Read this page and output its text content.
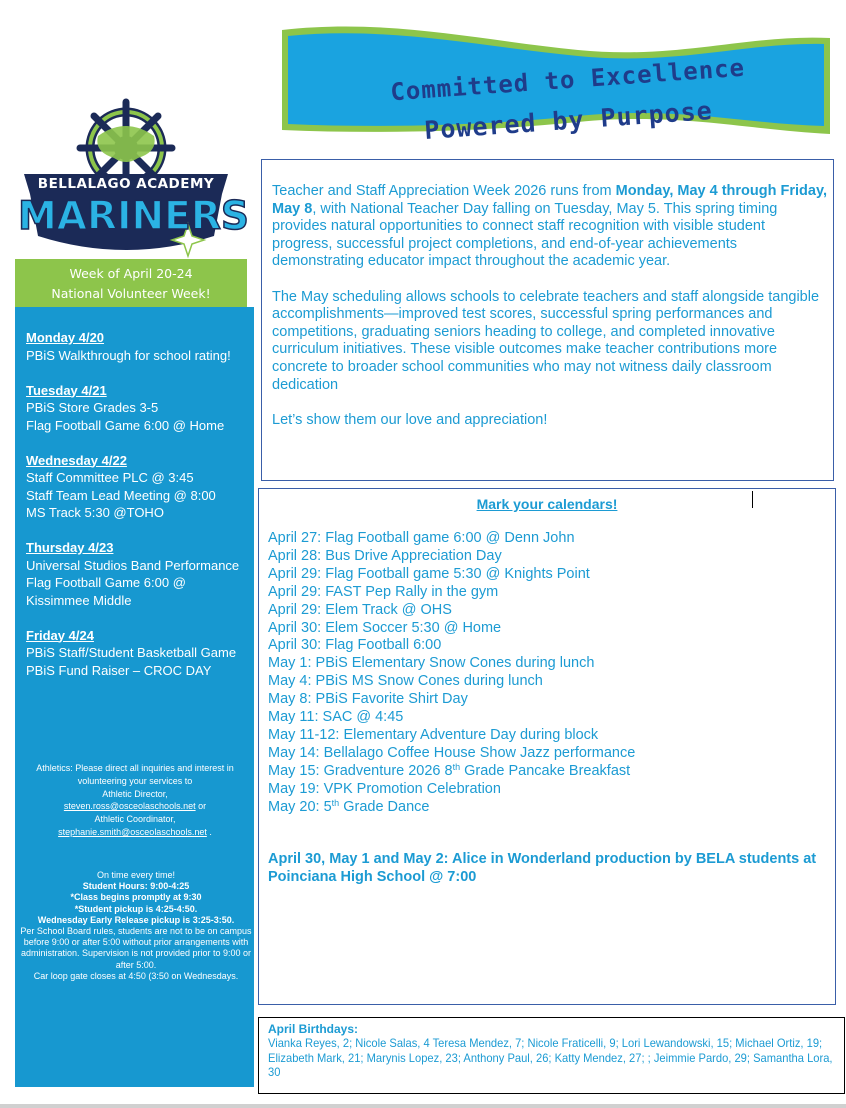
Committed to Excellence
Powered by Purpose
BELLALAGO ACADEMY
MARINERS
Week of April 20-24
National Volunteer Week!
Monday 4/20
PBiS Walkthrough for school rating!
Tuesday 4/21
PBiS Store Grades 3-5
Flag Football Game 6:00 @ Home
Wednesday 4/22
Staff Committee PLC @ 3:45
Staff Team Lead Meeting @ 8:00
MS Track 5:30 @TOHO
Thursday 4/23
Universal Studios Band Performance
Flag Football Game 6:00 @ Kissimmee Middle
Friday 4/24
PBiS Staff/Student Basketball Game
PBiS Fund Raiser – CROC DAY
Athletics: Please direct all inquiries and interest in volunteering your services to
Athletic Director,
steven.ross@osceolaschools.net or
Athletic Coordinator,
stephanie.smith@osceolaschools.net .
On time every time!
Student Hours: 9:00-4:25
*Class begins promptly at 9:30
*Student pickup is 4:25-4:50.
Wednesday Early Release pickup is 3:25-3:50.
Per School Board rules, students are not to be on campus before 9:00 or after 5:00 without prior arrangements with administration. Supervision is not provided prior to 9:00 or after 5:00.
Car loop gate closes at 4:50 (3:50 on Wednesdays.

Teacher and Staff Appreciation Week 2026 runs from Monday, May 4 through Friday, May 8, with National Teacher Day falling on Tuesday, May 5. This spring timing provides natural opportunities to connect staff recognition with visible student progress, successful project completions, and end-of-year achievements demonstrating educator impact throughout the academic year.

The May scheduling allows schools to celebrate teachers and staff alongside tangible accomplishments—improved test scores, successful spring performances and competitions, graduating seniors heading to college, and completed innovative curriculum initiatives. These visible outcomes make teacher contributions more concrete to broader school communities who may not witness daily classroom dedication

Let’s show them our love and appreciation!

Mark your calendars!
April 27: Flag Football game 6:00 @ Denn John
April 28: Bus Drive Appreciation Day
April 29: Flag Football game 5:30 @ Knights Point
April 29: FAST Pep Rally in the gym
April 29: Elem Track @ OHS
April 30: Elem Soccer 5:30 @ Home
April 30: Flag Football 6:00
May 1: PBiS Elementary Snow Cones during lunch
May 4: PBiS MS Snow Cones during lunch
May 8: PBiS Favorite Shirt Day
May 11: SAC @ 4:45
May 11-12: Elementary Adventure Day during block
May 14: Bellalago Coffee House Show Jazz performance
May 15: Gradventure 2026 8th Grade Pancake Breakfast
May 19: VPK Promotion Celebration
May 20: 5th Grade Dance
April 30, May 1 and May 2: Alice in Wonderland production by BELA students at Poinciana High School @ 7:00
April Birthdays:
Vianka Reyes, 2; Nicole Salas, 4 Teresa Mendez, 7; Nicole Fraticelli, 9; Lori Lewandowski, 15; Michael Ortiz, 19; Elizabeth Mark, 21; Marynis Lopez, 23; Anthony Paul, 26; Katty Mendez, 27; ; Jeimmie Pardo, 29; Samantha Lora, 30
